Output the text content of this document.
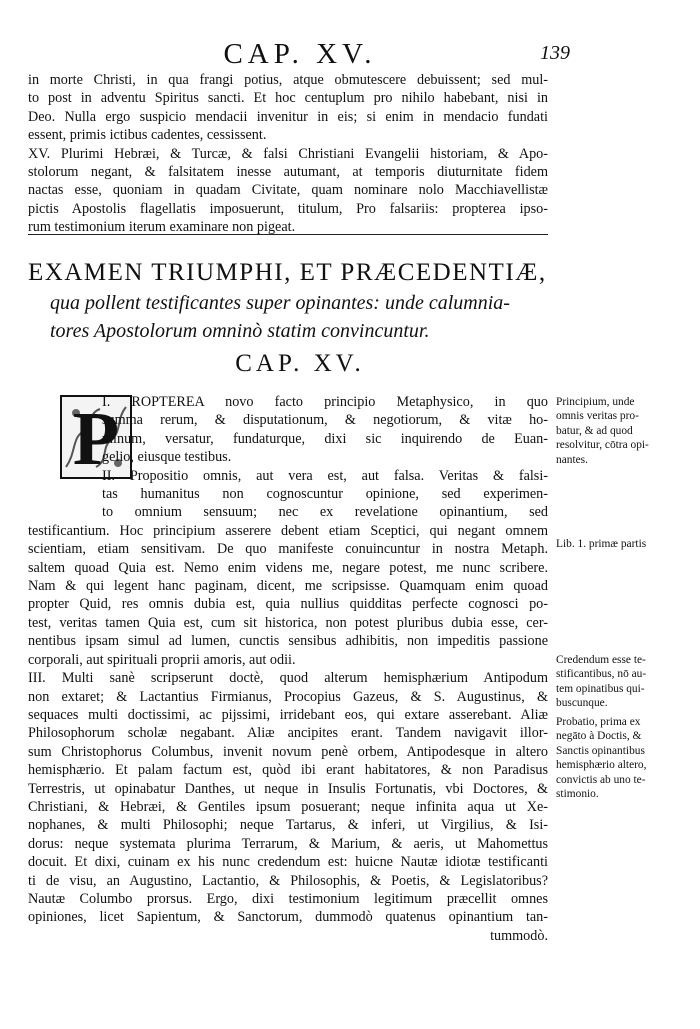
CAP. XV.	139
in morte Christi, in qua frangi potius, atque obmutescere debuissent; sed mul-
to post in adventu Spiritus sancti. Et hoc centuplum pro nihilo habebant, nisi in
Deo. Nulla ergo suspicio mendacii invenitur in eis; si enim in mendacio fundati
essent, primis ictibus cadentes, cessissent.
XV. Plurimi Hebræi, & Turcæ, & falsi Christiani Evangelii historiam, & Apo-
stolorum negant, & falsitatem inesse autumant, at temporis diuturnitate fidem
nactas esse, quoniam in quadam Civitate, quam nominare nolo Macchiavellistæ
pictis Apostolis flagellatis imposuerunt, titulum, Pro falsariis: propterea ipso-
rum testimonium iterum examinare non pigeat.
EXAMEN TRIUMPHI, ET PRÆCEDENTIÆ,
qua pollent testificantes super opinantes: unde calumnia-
tores Apostolorum omninò statim convincuntur.
CAP. XV.
P
I. ROPTEREA novo facto principio Metaphysico, in quo
summa rerum, & disputationum, & negotiorum, & vitæ ho-
minum, versatur, fundaturque, dixi sic inquirendo de Euan-
gelio, eiusque testibus.
II. Propositio omnis, aut vera est, aut falsa. Veritas & falsi-
tas humanitus non cognoscuntur opinione, sed experimen-
to omnium sensuum; nec ex revelatione opinantium, sed
testificantium. Hoc principium asserere debent etiam Sceptici, qui negant omnem
scientiam, etiam sensitivam. De quo manifeste conuincuntur in nostra Metaph.
saltem quoad Quia est. Nemo enim videns me, negare potest, me nunc scribere.
Nam & qui legent hanc paginam, dicent, me scripsisse. Quamquam enim quoad
propter Quid, res omnis dubia est, quia nullius quidditas perfecte cognosci po-
test, veritas tamen Quia est, cum sit historica, non potest pluribus dubia esse, cer-
nentibus ipsam simul ad lumen, cunctis sensibus adhibitis, non impeditis passione
corporali, aut spirituali proprii amoris, aut odii.
III. Multi sanè scripserunt doctè, quod alterum hemisphærium Antipodum
non extaret; & Lactantius Firmianus, Procopius Gazeus, & S. Augustinus, &
sequaces multi doctissimi, ac pijssimi, irridebant eos, qui extare asserebant. Aliæ
Philosophorum scholæ negabant. Aliæ ancipites erant. Tandem navigavit illor-
sum Christophorus Columbus, invenit novum penè orbem, Antipodesque in altero
hemisphærio. Et palam factum est, quòd ibi erant habitatores, & non Paradisus
Terrestris, ut opinabatur Danthes, ut neque in Insulis Fortunatis, vbi Doctores, &
Christiani, & Hebræi, & Gentiles ipsum posuerant; neque infinita aqua ut Xe-
nophanes, & multi Philosophi; neque Tartarus, & inferi, ut Virgilius, & Isi-
dorus: neque systemata plurima Terrarum, & Marium, & aeris, ut Mahomettus
docuit. Et dixi, cuinam ex his nunc credendum est: huicne Nautæ idiotæ testificanti
ti de visu, an Augustino, Lactantio, & Philosophis, & Poetis, & Legislatoribus?
Nautæ Columbo prorsus. Ergo, dixi testimonium legitimum præcellit omnes
opiniones, licet Sapientum, & Sanctorum, dummodò quatenus opinantium tan-
tummodò.
Principium, unde
omnis veritas pro-
batur, & ad quod
resolvitur, cōtra opi-
nantes.
Lib. 1. primæ partis
Credendum esse te-
stificantibus, nō au-
tem opinatibus qui-
buscunque.
Probatio, prima ex
negāto à Doctis, &
Sanctis opinantibus
hemisphærio altero,
convictis ab uno te-
stimonio.
